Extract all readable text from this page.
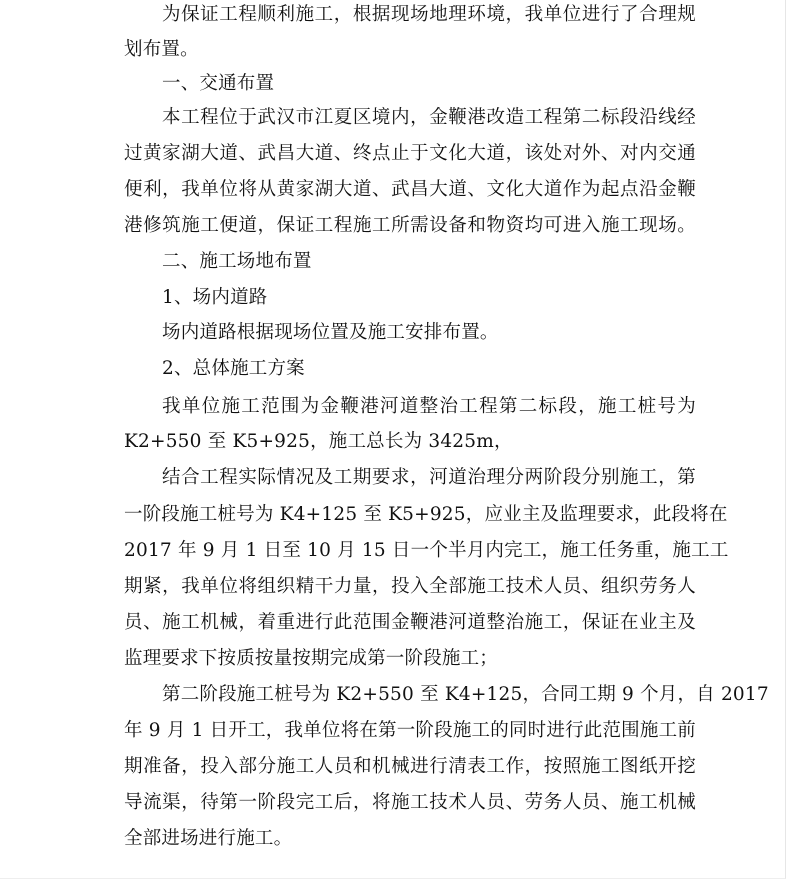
为保证工程顺利施工，根据现场地理环境，我单位进行了合理规
划布置。
一、交通布置
本工程位于武汉市江夏区境内，金鞭港改造工程第二标段沿线经
过黄家湖大道、武昌大道、终点止于文化大道，该处对外、对内交通
便利，我单位将从黄家湖大道、武昌大道、文化大道作为起点沿金鞭
港修筑施工便道，保证工程施工所需设备和物资均可进入施工现场。
二、施工场地布置
1、场内道路
场内道路根据现场位置及施工安排布置。
2、总体施工方案
我单位施工范围为金鞭港河道整治工程第二标段，施工桩号为
K2+550 至 K5+925，施工总长为 3425m，
结合工程实际情况及工期要求，河道治理分两阶段分别施工，第
一阶段施工桩号为 K4+125 至 K5+925，应业主及监理要求，此段将在
2017 年 9 月 1 日至 10 月 15 日一个半月内完工，施工任务重，施工工
期紧，我单位将组织精干力量，投入全部施工技术人员、组织劳务人
员、施工机械，着重进行此范围金鞭港河道整治施工，保证在业主及
监理要求下按质按量按期完成第一阶段施工；
第二阶段施工桩号为 K2+550 至 K4+125，合同工期 9 个月，自 2017
年 9 月 1 日开工，我单位将在第一阶段施工的同时进行此范围施工前
期准备，投入部分施工人员和机械进行清表工作，按照施工图纸开挖
导流渠，待第一阶段完工后，将施工技术人员、劳务人员、施工机械
全部进场进行施工。
